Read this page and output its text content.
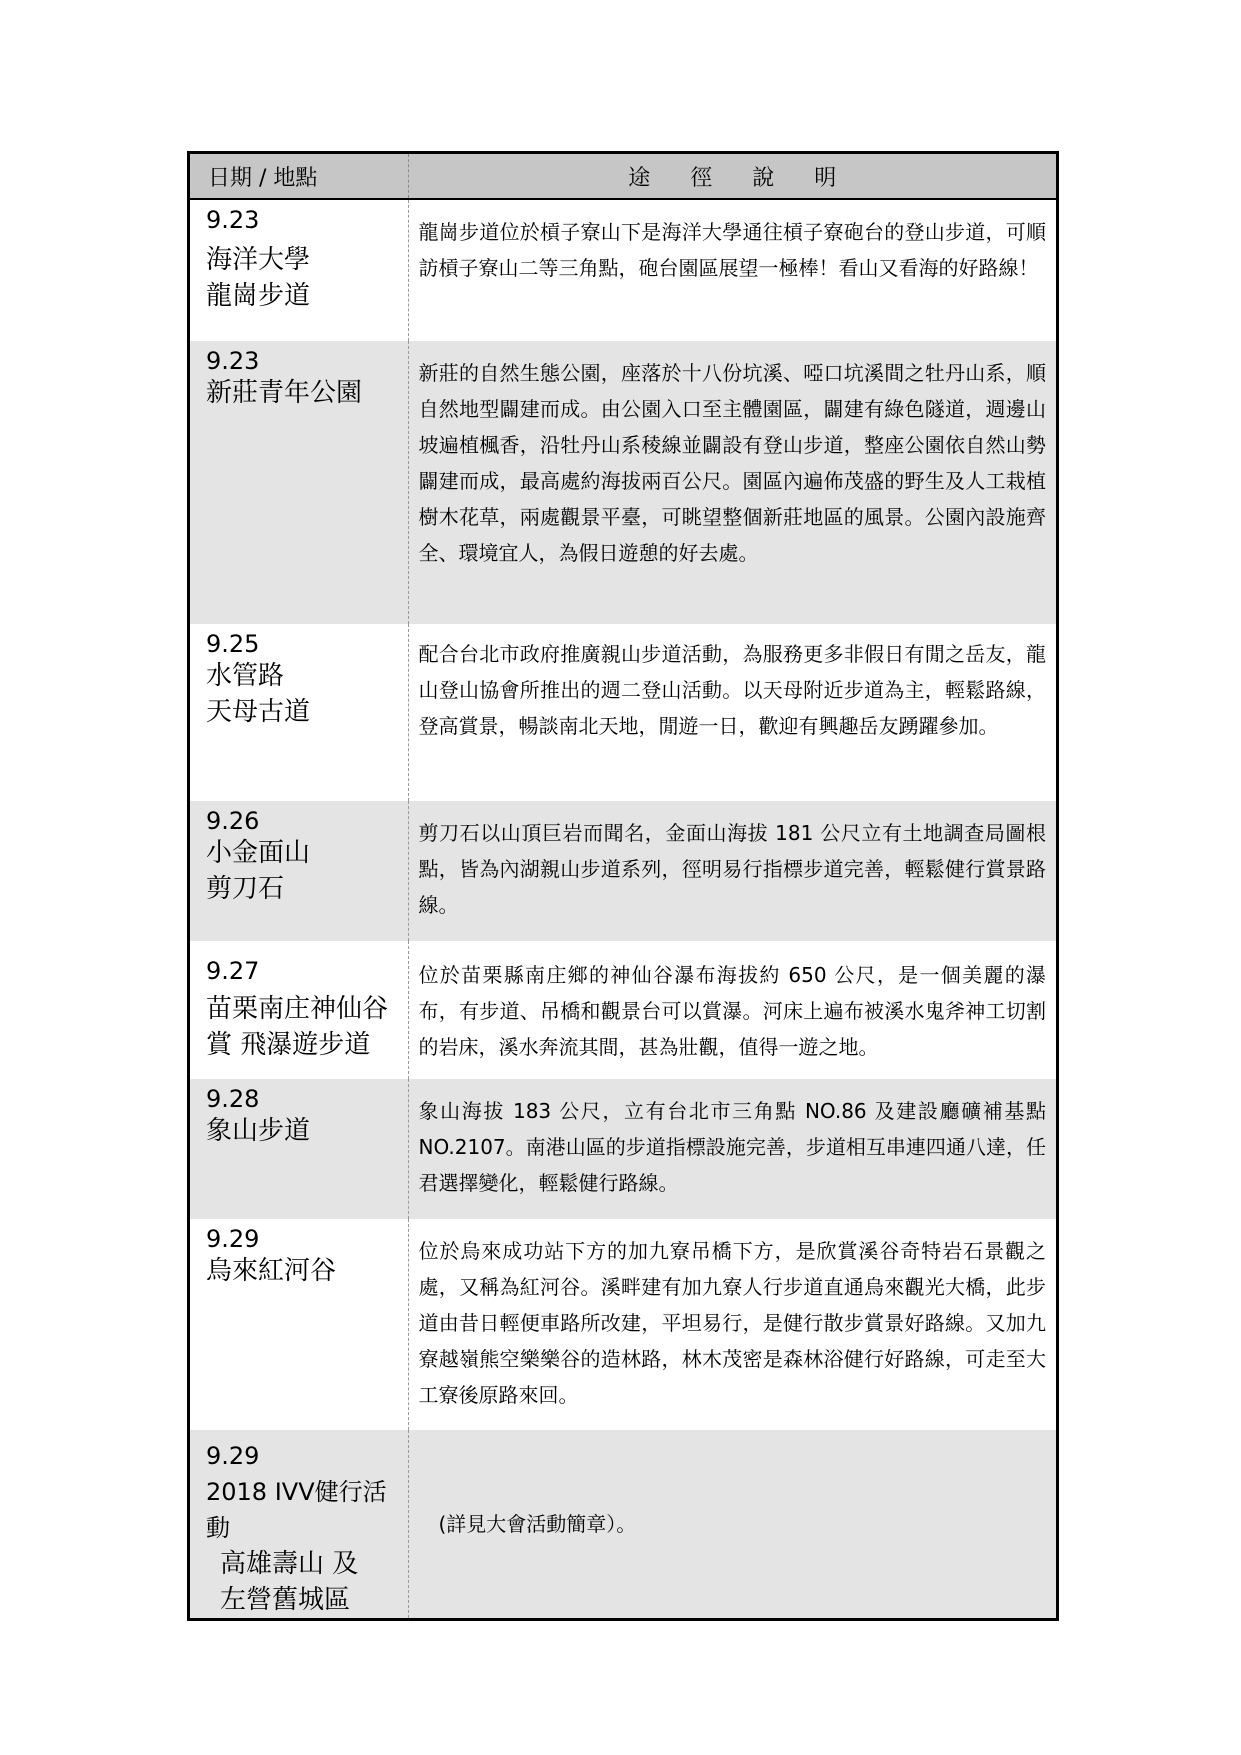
日期 / 地點	途徑說明

9.23
海洋大學
龍崗步道	龍崗步道位於槓子寮山下是海洋大學通往槓子寮砲台的登山步道，可順訪槓子寮山二等三角點，砲台園區展望一極棒！看山又看海的好路線！

9.23
新莊青年公園	新莊的自然生態公園，座落於十八份坑溪、啞口坑溪間之牡丹山系，順自然地型闢建而成。由公園入口至主體園區，闢建有綠色隧道，週邊山坡遍植楓香，沿牡丹山系稜線並闢設有登山步道，整座公園依自然山勢闢建而成，最高處約海拔兩百公尺。園區內遍佈茂盛的野生及人工栽植樹木花草，兩處觀景平臺，可眺望整個新莊地區的風景。公園內設施齊全、環境宜人，為假日遊憩的好去處。

9.25
水管路
天母古道	配合台北市政府推廣親山步道活動，為服務更多非假日有閒之岳友，龍山登山協會所推出的週二登山活動。以天母附近步道為主，輕鬆路線，登高賞景，暢談南北天地，閒遊一日，歡迎有興趣岳友踴躍參加。

9.26
小金面山
剪刀石	剪刀石以山頂巨岩而聞名，金面山海拔 181 公尺立有土地調查局圖根點，皆為內湖親山步道系列，徑明易行指標步道完善，輕鬆健行賞景路線。

9.27
苗栗南庄神仙谷
賞 飛瀑遊步道	位於苗栗縣南庄鄉的神仙谷瀑布海拔約 650 公尺，是一個美麗的瀑布，有步道、吊橋和觀景台可以賞瀑。河床上遍布被溪水鬼斧神工切割的岩床，溪水奔流其間，甚為壯觀，值得一遊之地。

9.28
象山步道	象山海拔 183 公尺，立有台北市三角點 NO.86 及建設廳礦補基點 NO.2107。南港山區的步道指標設施完善，步道相互串連四通八達，任君選擇變化，輕鬆健行路線。

9.29
烏來紅河谷	位於烏來成功站下方的加九寮吊橋下方，是欣賞溪谷奇特岩石景觀之處，又稱為紅河谷。溪畔建有加九寮人行步道直通烏來觀光大橋，此步道由昔日輕便車路所改建，平坦易行，是健行散步賞景好路線。又加九寮越嶺熊空樂樂谷的造林路，林木茂密是森林浴健行好路線，可走至大工寮後原路來回。

9.29
2018 IVV健行活動
高雄壽山 及
左營舊城區	(詳見大會活動簡章）。
